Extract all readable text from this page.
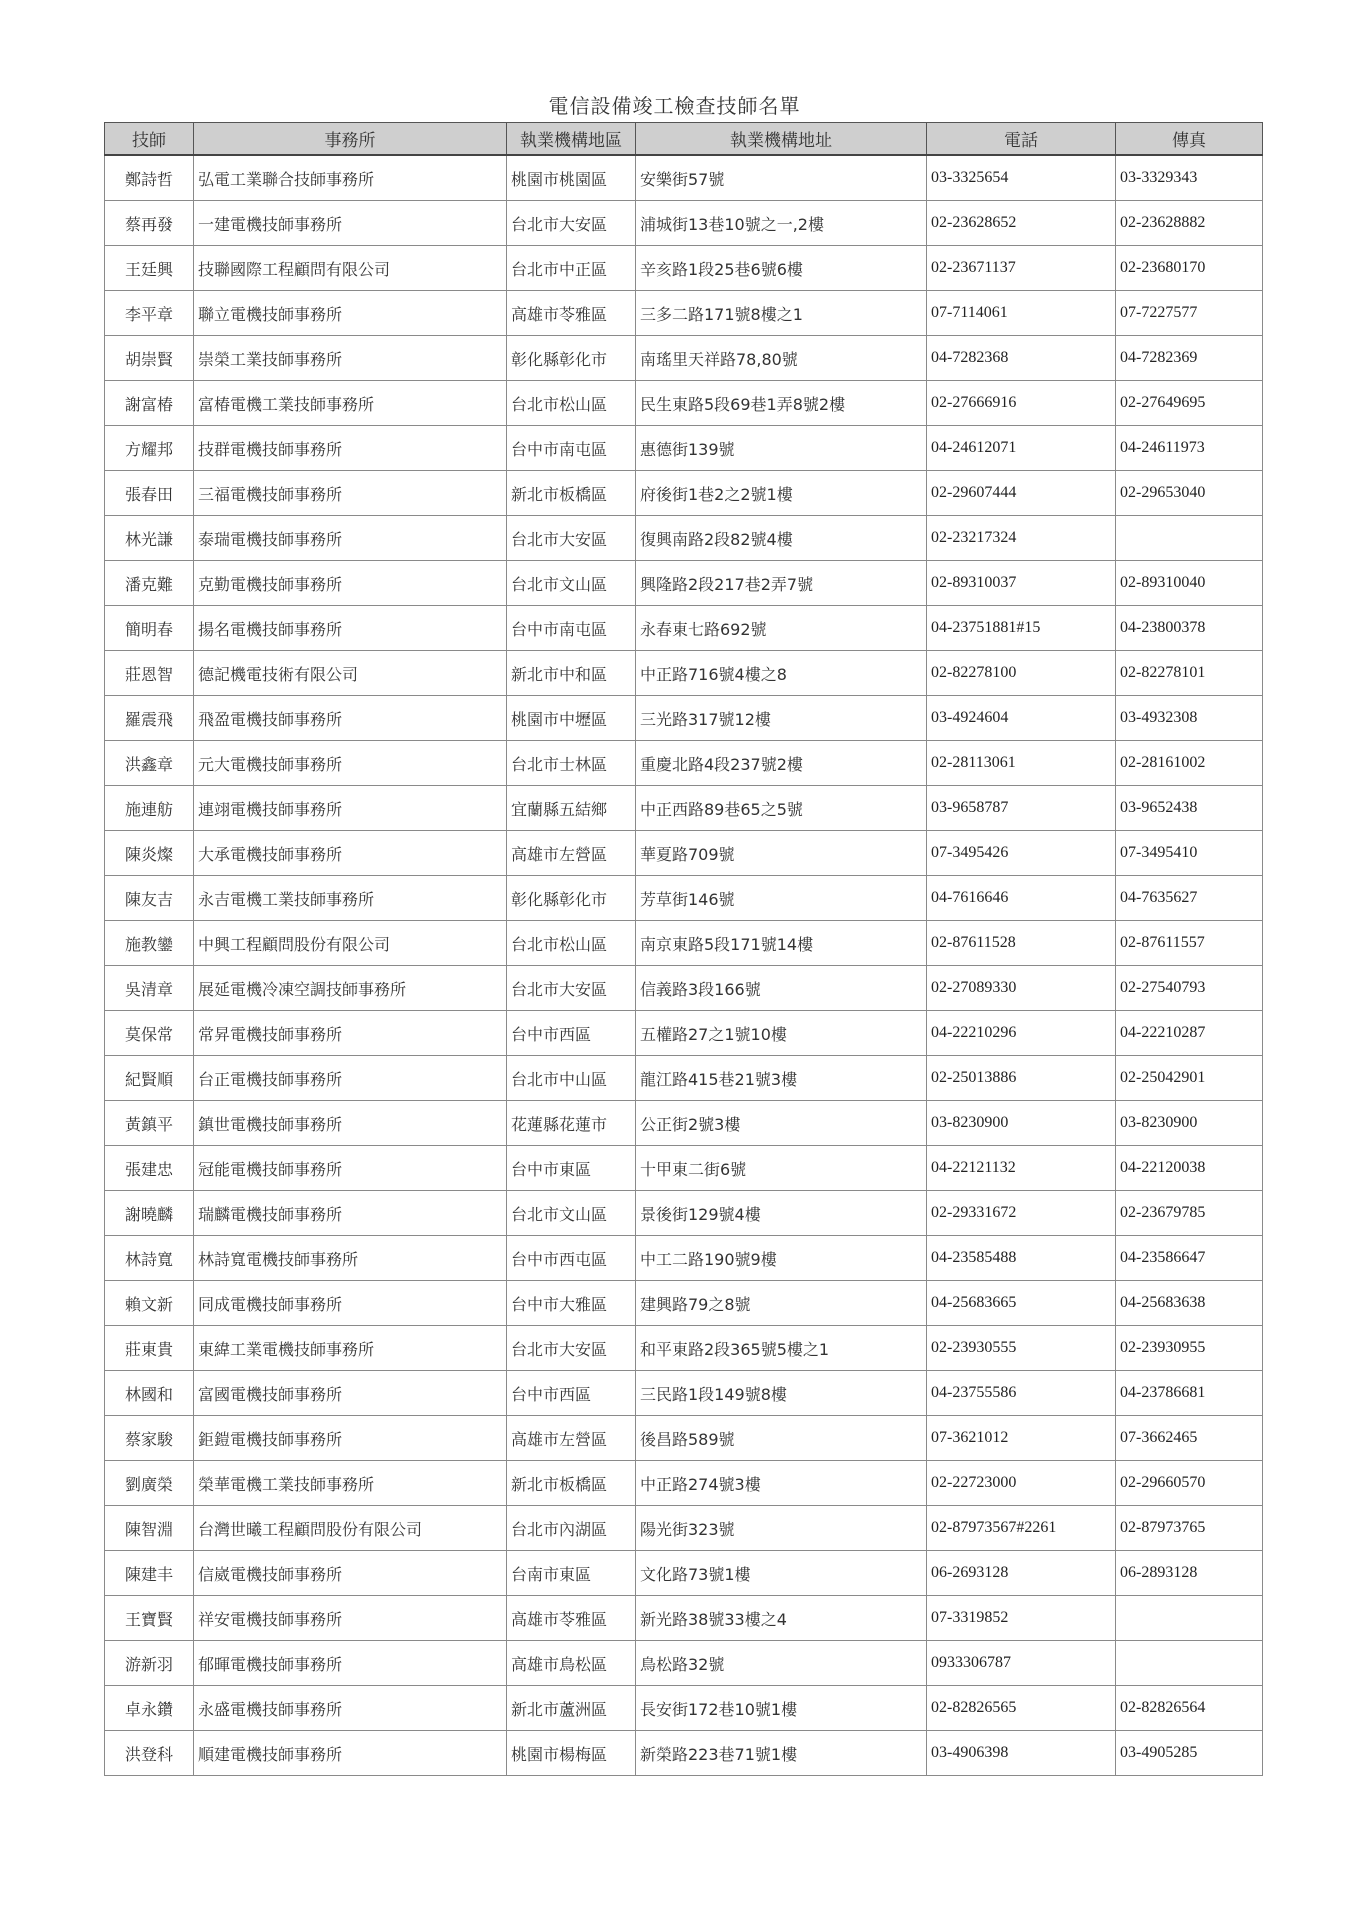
電信設備竣工檢查技師名單
技師	事務所	執業機構地區	執業機構地址	電話	傳真
鄭詩哲	弘電工業聯合技師事務所	桃園市桃園區	安樂街57號	03-3325654	03-3329343
蔡再發	一建電機技師事務所	台北市大安區	浦城街13巷10號之一,2樓	02-23628652	02-23628882
王廷興	技聯國際工程顧問有限公司	台北市中正區	辛亥路1段25巷6號6樓	02-23671137	02-23680170
李平章	聯立電機技師事務所	高雄市苓雅區	三多二路171號8樓之1	07-7114061	07-7227577
胡崇賢	崇榮工業技師事務所	彰化縣彰化市	南瑤里天祥路78,80號	04-7282368	04-7282369
謝富椿	富椿電機工業技師事務所	台北市松山區	民生東路5段69巷1弄8號2樓	02-27666916	02-27649695
方耀邦	技群電機技師事務所	台中市南屯區	惠德街139號	04-24612071	04-24611973
張春田	三福電機技師事務所	新北市板橋區	府後街1巷2之2號1樓	02-29607444	02-29653040
林光謙	泰瑞電機技師事務所	台北市大安區	復興南路2段82號4樓	02-23217324	
潘克難	克勤電機技師事務所	台北市文山區	興隆路2段217巷2弄7號	02-89310037	02-89310040
簡明春	揚名電機技師事務所	台中市南屯區	永春東七路692號	04-23751881#15	04-23800378
莊恩智	德記機電技術有限公司	新北市中和區	中正路716號4樓之8	02-82278100	02-82278101
羅震飛	飛盈電機技師事務所	桃園市中壢區	三光路317號12樓	03-4924604	03-4932308
洪鑫章	元大電機技師事務所	台北市士林區	重慶北路4段237號2樓	02-28113061	02-28161002
施連舫	連翊電機技師事務所	宜蘭縣五結鄉	中正西路89巷65之5號	03-9658787	03-9652438
陳炎燦	大承電機技師事務所	高雄市左營區	華夏路709號	07-3495426	07-3495410
陳友吉	永吉電機工業技師事務所	彰化縣彰化市	芳草街146號	04-7616646	04-7635627
施教鑾	中興工程顧問股份有限公司	台北市松山區	南京東路5段171號14樓	02-87611528	02-87611557
吳清章	展延電機冷凍空調技師事務所	台北市大安區	信義路3段166號	02-27089330	02-27540793
莫保常	常昇電機技師事務所	台中市西區	五權路27之1號10樓	04-22210296	04-22210287
紀賢順	台正電機技師事務所	台北市中山區	龍江路415巷21號3樓	02-25013886	02-25042901
黃鎮平	鎮世電機技師事務所	花蓮縣花蓮市	公正街2號3樓	03-8230900	03-8230900
張建忠	冠能電機技師事務所	台中市東區	十甲東二街6號	04-22121132	04-22120038
謝曉麟	瑞麟電機技師事務所	台北市文山區	景後街129號4樓	02-29331672	02-23679785
林詩寬	林詩寬電機技師事務所	台中市西屯區	中工二路190號9樓	04-23585488	04-23586647
賴文新	同成電機技師事務所	台中市大雅區	建興路79之8號	04-25683665	04-25683638
莊東貴	東緯工業電機技師事務所	台北市大安區	和平東路2段365號5樓之1	02-23930555	02-23930955
林國和	富國電機技師事務所	台中市西區	三民路1段149號8樓	04-23755586	04-23786681
蔡家駿	鉅鎧電機技師事務所	高雄市左營區	後昌路589號	07-3621012	07-3662465
劉廣榮	榮華電機工業技師事務所	新北市板橋區	中正路274號3樓	02-22723000	02-29660570
陳智淵	台灣世曦工程顧問股份有限公司	台北市內湖區	陽光街323號	02-87973567#2261	02-87973765
陳建丰	信崴電機技師事務所	台南市東區	文化路73號1樓	06-2693128	06-2893128
王寶賢	祥安電機技師事務所	高雄市苓雅區	新光路38號33樓之4	07-3319852	
游新羽	郁暉電機技師事務所	高雄市鳥松區	鳥松路32號	0933306787	
卓永鑽	永盛電機技師事務所	新北市蘆洲區	長安街172巷10號1樓	02-82826565	02-82826564
洪登科	順建電機技師事務所	桃園市楊梅區	新榮路223巷71號1樓	03-4906398	03-4905285
